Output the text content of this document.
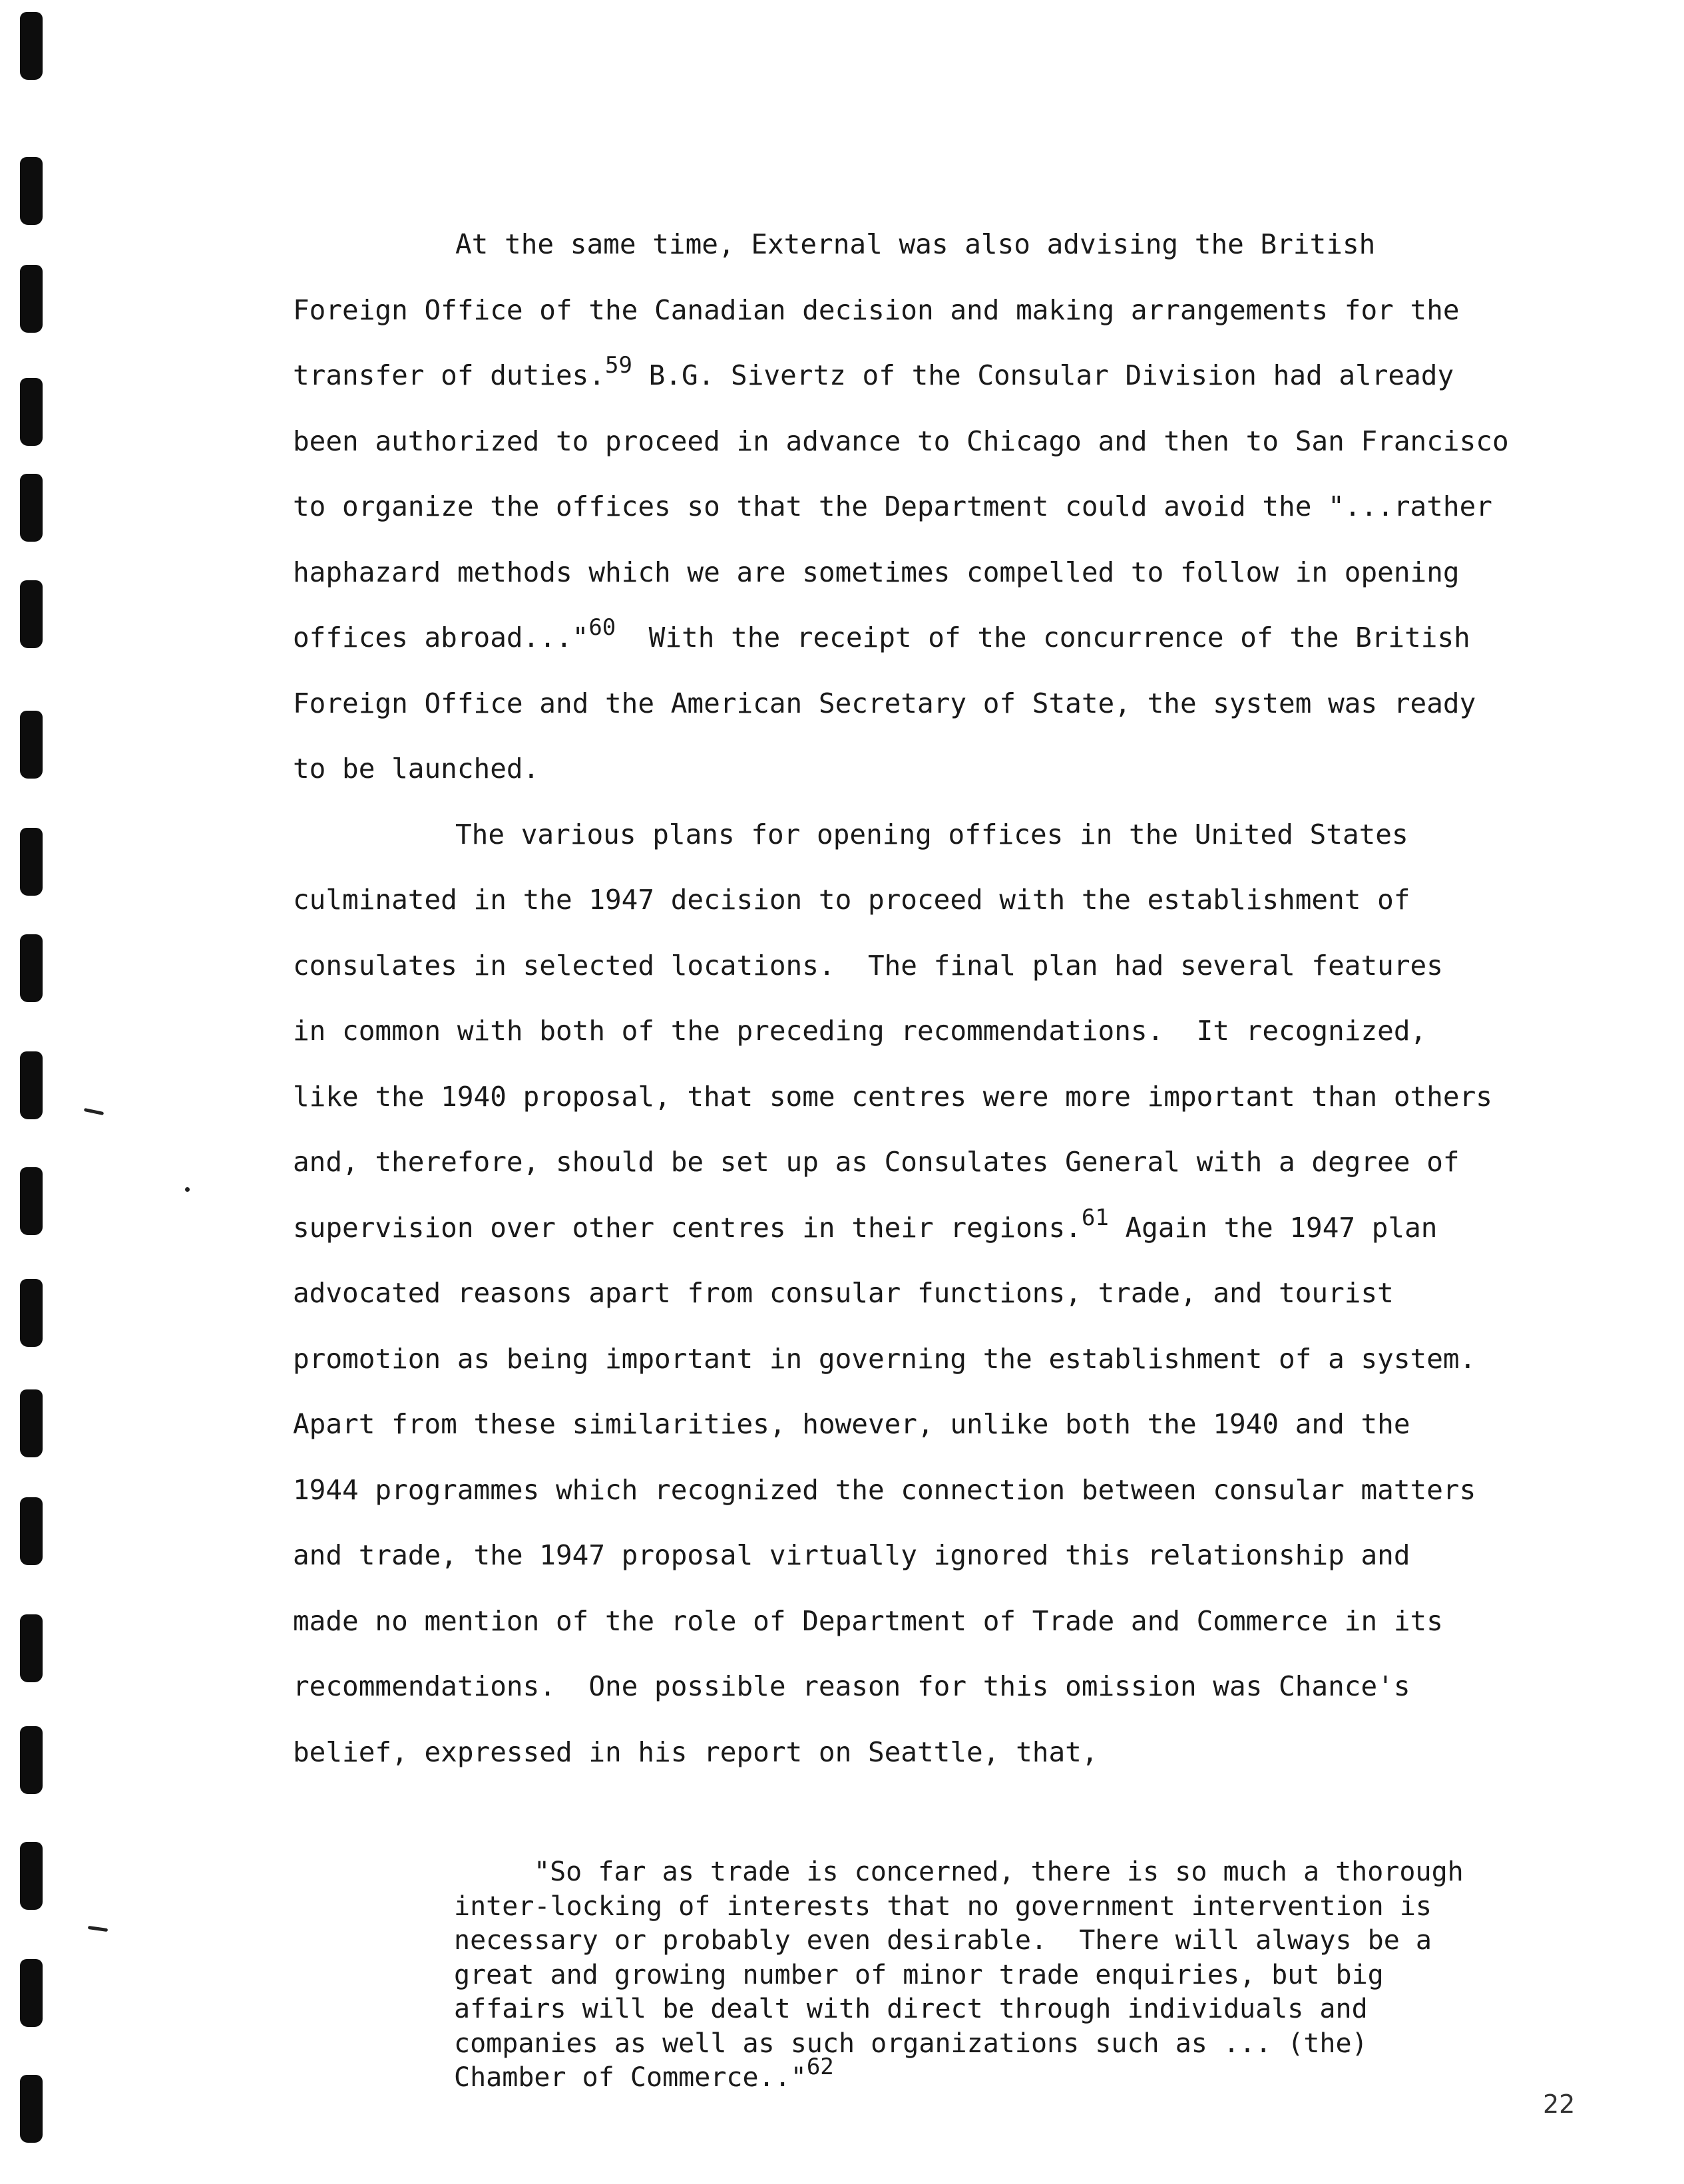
At the same time, External was also advising the British
Foreign Office of the Canadian decision and making arrangements for the
transfer of duties.$^{59}$ B.G. Sivertz of the Consular Division had already
been authorized to proceed in advance to Chicago and then to San Francisco
to organize the offices so that the Department could avoid the "...rather
haphazard methods which we are sometimes compelled to follow in opening
offices abroad..."$^{60}$  With the receipt of the concurrence of the British
Foreign Office and the American Secretary of State, the system was ready
to be launched.
The various plans for opening offices in the United States
culminated in the 1947 decision to proceed with the establishment of
consulates in selected locations.  The final plan had several features
in common with both of the preceding recommendations.  It recognized,
like the 1940 proposal, that some centres were more important than others
and, therefore, should be set up as Consulates General with a degree of
supervision over other centres in their regions.$^{61}$ Again the 1947 plan
advocated reasons apart from consular functions, trade, and tourist
promotion as being important in governing the establishment of a system.
Apart from these similarities, however, unlike both the 1940 and the
1944 programmes which recognized the connection between consular matters
and trade, the 1947 proposal virtually ignored this relationship and
made no mention of the role of Department of Trade and Commerce in its
recommendations.  One possible reason for this omission was Chance's
belief, expressed in his report on Seattle, that,
"So far as trade is concerned, there is so much a thorough
inter-locking of interests that no government intervention is
necessary or probably even desirable.  There will always be a
great and growing number of minor trade enquiries, but big
affairs will be dealt with direct through individuals and
companies as well as such organizations such as ... (the)
Chamber of Commerce.."$^{62}$
22
